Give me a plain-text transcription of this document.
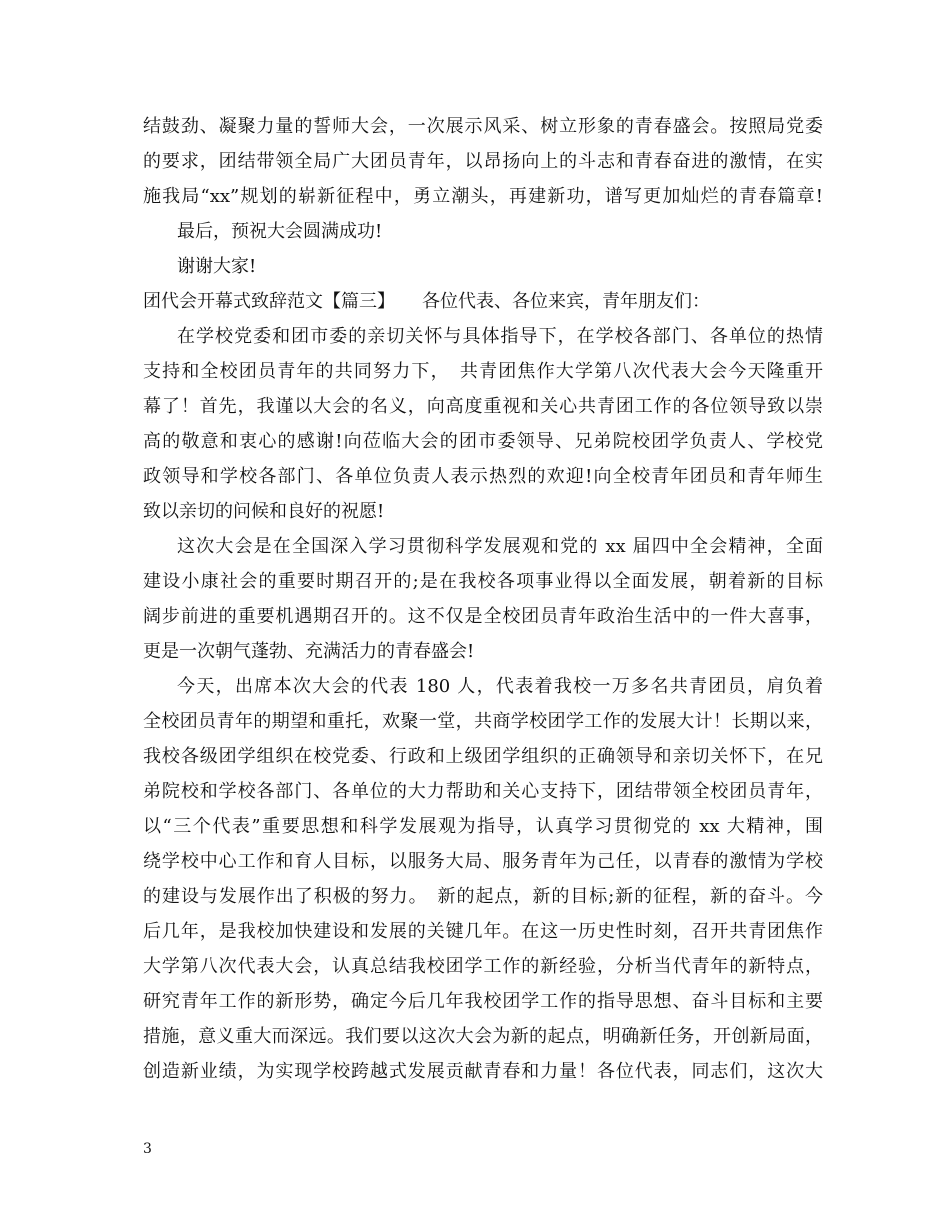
结鼓劲、凝聚力量的誓师大会，一次展示风采、树立形象的青春盛会。按照局党委
的要求，团结带领全局广大团员青年，以昂扬向上的斗志和青春奋进的激情，在实
施我局“xx”规划的崭新征程中，勇立潮头，再建新功，谱写更加灿烂的青春篇章!
最后，预祝大会圆满成功!
谢谢大家!
团代会开幕式致辞范文【篇三】　　各位代表、各位来宾，青年朋友们：
在学校党委和团市委的亲切关怀与具体指导下，在学校各部门、各单位的热情
支持和全校团员青年的共同努力下，　共青团焦作大学第八次代表大会今天隆重开
幕了！首先，我谨以大会的名义，向高度重视和关心共青团工作的各位领导致以崇
高的敬意和衷心的感谢!向莅临大会的团市委领导、兄弟院校团学负责人、学校党
政领导和学校各部门、各单位负责人表示热烈的欢迎!向全校青年团员和青年师生
致以亲切的问候和良好的祝愿!
这次大会是在全国深入学习贯彻科学发展观和党的 xx 届四中全会精神，全面
建设小康社会的重要时期召开的;是在我校各项事业得以全面发展，朝着新的目标
阔步前进的重要机遇期召开的。这不仅是全校团员青年政治生活中的一件大喜事，
更是一次朝气蓬勃、充满活力的青春盛会!
今天，出席本次大会的代表 180 人，代表着我校一万多名共青团员，肩负着
全校团员青年的期望和重托，欢聚一堂，共商学校团学工作的发展大计！长期以来，
我校各级团学组织在校党委、行政和上级团学组织的正确领导和亲切关怀下，在兄
弟院校和学校各部门、各单位的大力帮助和关心支持下，团结带领全校团员青年，
以“三个代表”重要思想和科学发展观为指导，认真学习贯彻党的 xx 大精神，围
绕学校中心工作和育人目标，以服务大局、服务青年为己任，以青春的激情为学校
的建设与发展作出了积极的努力。　新的起点，新的目标;新的征程，新的奋斗。今
后几年，是我校加快建设和发展的关键几年。在这一历史性时刻，召开共青团焦作
大学第八次代表大会，认真总结我校团学工作的新经验，分析当代青年的新特点，
研究青年工作的新形势，确定今后几年我校团学工作的指导思想、奋斗目标和主要
措施，意义重大而深远。我们要以这次大会为新的起点，明确新任务，开创新局面，
创造新业绩，为实现学校跨越式发展贡献青春和力量！各位代表，同志们，这次大
3
